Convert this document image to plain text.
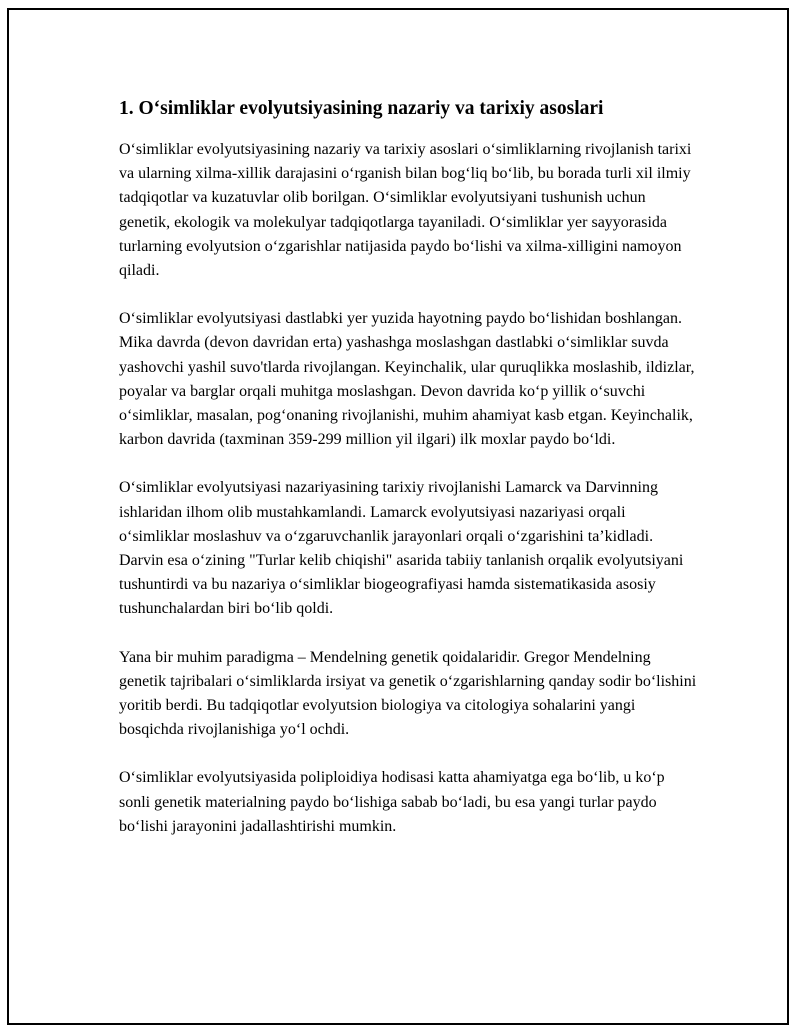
1. O‘simliklar evolyutsiyasining nazariy va tarixiy asoslari

O‘simliklar evolyutsiyasining nazariy va tarixiy asoslari o‘simliklarning rivojlanish tarixi va ularning xilma-xillik darajasini o‘rganish bilan bog‘liq bo‘lib, bu borada turli xil ilmiy tadqiqotlar va kuzatuvlar olib borilgan. O‘simliklar evolyutsiyani tushunish uchun genetik, ekologik va molekulyar tadqiqotlarga tayaniladi. O‘simliklar yer sayyorasida turlarning evolyutsion o‘zgarishlar natijasida paydo bo‘lishi va xilma-xilligini namoyon qiladi.

O‘simliklar evolyutsiyasi dastlabki yer yuzida hayotning paydo bo‘lishidan boshlangan. Mika davrda (devon davridan erta) yashashga moslashgan dastlabki o‘simliklar suvda yashovchi yashil suvo'tlarda rivojlangan. Keyinchalik, ular quruqlikka moslashib, ildizlar, poyalar va barglar orqali muhitga moslashgan. Devon davrida ko‘p yillik o‘suvchi o‘simliklar, masalan, pog‘onaning rivojlanishi, muhim ahamiyat kasb etgan. Keyinchalik, karbon davrida (taxminan 359-299 million yil ilgari) ilk moxlar paydo bo‘ldi.

O‘simliklar evolyutsiyasi nazariyasining tarixiy rivojlanishi Lamarck va Darvinning ishlaridan ilhom olib mustahkamlandi. Lamarck evolyutsiyasi nazariyasi orqali o‘simliklar moslashuv va o‘zgaruvchanlik jarayonlari orqali o‘zgarishini ta’kidladi. Darvin esa o‘zining "Turlar kelib chiqishi" asarida tabiiy tanlanish orqalik evolyutsiyani tushuntirdi va bu nazariya o‘simliklar biogeografiyasi hamda sistematikasida asosiy tushunchalardan biri bo‘lib qoldi.

Yana bir muhim paradigma – Mendelning genetik qoidalaridir. Gregor Mendelning genetik tajribalari o‘simliklarda irsiyat va genetik o‘zgarishlarning qanday sodir bo‘lishini yoritib berdi. Bu tadqiqotlar evolyutsion biologiya va citologiya sohalarini yangi bosqichda rivojlanishiga yo‘l ochdi.

O‘simliklar evolyutsiyasida poliploidiya hodisasi katta ahamiyatga ega bo‘lib, u ko‘p sonli genetik materialning paydo bo‘lishiga sabab bo‘ladi, bu esa yangi turlar paydo bo‘lishi jarayonini jadallashtirishi mumkin.
